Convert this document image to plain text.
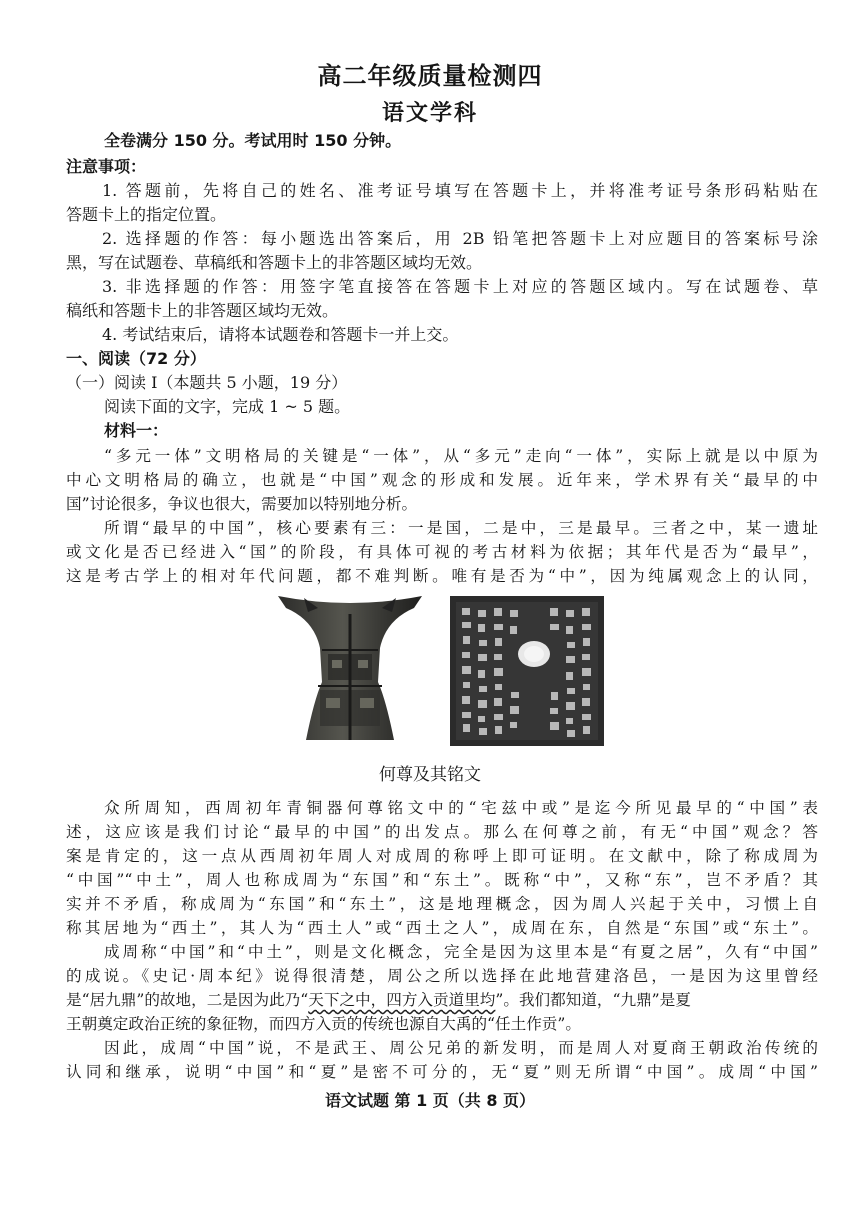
高二年级质量检测四
语文学科
全卷满分 150 分。考试用时 150 分钟。
注意事项：
1. 答题前，先将自己的姓名、准考证号填写在答题卡上，并将准考证号条形码粘贴在
答题卡上的指定位置。
2. 选择题的作答：每小题选出答案后，用 2B 铅笔把答题卡上对应题目的答案标号涂
黑，写在试题卷、草稿纸和答题卡上的非答题区域均无效。
3. 非选择题的作答：用签字笔直接答在答题卡上对应的答题区域内。写在试题卷、草
稿纸和答题卡上的非答题区域均无效。
4. 考试结束后，请将本试题卷和答题卡一并上交。
一、阅读（72 分）
（一）阅读 Ⅰ（本题共 5 小题，19 分）
阅读下面的文字，完成 1 ~ 5 题。
材料一：
“多元一体”文明格局的关键是“一体”，从“多元”走向“一体”，实际上就是以中原为
中心文明格局的确立，也就是“中国”观念的形成和发展。近年来，学术界有关“最早的中
国”讨论很多，争议也很大，需要加以特别地分析。
所谓“最早的中国”，核心要素有三：一是国，二是中，三是最早。三者之中，某一遗址
或文化是否已经进入“国”的阶段，有具体可视的考古材料为依据；其年代是否为“最早”，
这是考古学上的相对年代问题，都不难判断。唯有是否为“中”，因为纯属观念上的认同，
何尊及其铭文
众所周知，西周初年青铜器何尊铭文中的“宅兹中或”是迄今所见最早的“中国”表
述，这应该是我们讨论“最早的中国”的出发点。那么在何尊之前，有无“中国”观念？答
案是肯定的，这一点从西周初年周人对成周的称呼上即可证明。在文献中，除了称成周为
“中国”“中土”，周人也称成周为“东国”和“东土”。既称“中”，又称“东”，岂不矛盾？其
实并不矛盾，称成周为“东国”和“东土”，这是地理概念，因为周人兴起于关中，习惯上自
称其居地为“西土”，其人为“西土人”或“西土之人”，成周在东，自然是“东国”或“东土”。
成周称“中国”和“中土”，则是文化概念，完全是因为这里本是“有夏之居”，久有“中国”
的成说。《史记·周本纪》说得很清楚，周公之所以选择在此地营建洛邑，一是因为这里曾经
是“居九鼎”的故地，二是因为此乃“天下之中，四方入贡道里均”。我们都知道，“九鼎”是夏
王朝奠定政治正统的象征物，而四方入贡的传统也源自大禹的“任土作贡”。
因此，成周“中国”说，不是武王、周公兄弟的新发明，而是周人对夏商王朝政治传统的
认同和继承，说明“中国”和“夏”是密不可分的，无“夏”则无所谓“中国”。成周“中国”
语文试题 第 1 页（共 8 页）
